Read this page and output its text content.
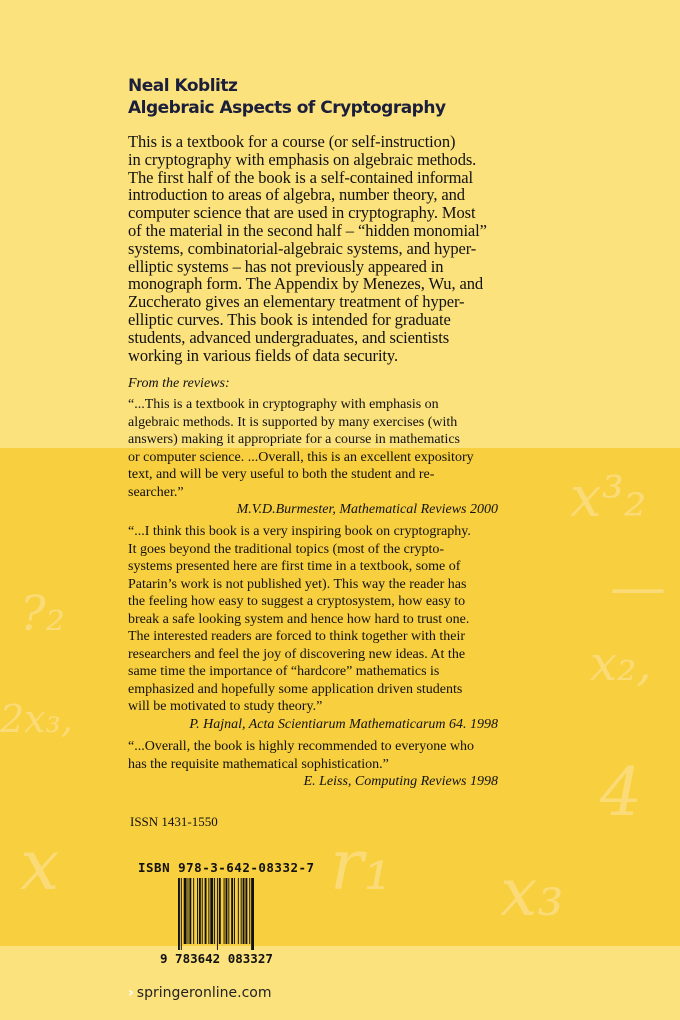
x³₂
—
x₂,
4
x₃
?₂
2x₃,
x	r₁
Neal Koblitz
Algebraic Aspects of Cryptography
This is a textbook for a course (or self-instruction)
in cryptography with emphasis on algebraic methods.
The first half of the book is a self-contained informal
introduction to areas of algebra, number theory, and
computer science that are used in cryptography. Most
of the material in the second half – “hidden monomial”
systems, combinatorial-algebraic systems, and hyper-
elliptic systems – has not previously appeared in
monograph form. The Appendix by Menezes, Wu, and
Zuccherato gives an elementary treatment of hyper-
elliptic curves. This book is intended for graduate
students, advanced undergraduates, and scientists
working in various fields of data security.
From the reviews:
“...This is a textbook in cryptography with emphasis on
algebraic methods. It is supported by many exercises (with
answers) making it appropriate for a course in mathematics
or computer science. ...Overall, this is an excellent expository
text, and will be very useful to both the student and re-
searcher.”
M.V.D.Burmester, Mathematical Reviews 2000
“...I think this book is a very inspiring book on cryptography.
It goes beyond the traditional topics (most of the crypto-
systems presented here are first time in a textbook, some of
Patarin’s work is not published yet). This way the reader has
the feeling how easy to suggest a cryptosystem, how easy to
break a safe looking system and hence how hard to trust one.
The interested readers are forced to think together with their
researchers and feel the joy of discovering new ideas. At the
same time the importance of “hardcore” mathematics is
emphasized and hopefully some application driven students
will be motivated to study theory.”
P. Hajnal, Acta Scientiarum Mathematicarum 64. 1998
“...Overall, the book is highly recommended to everyone who
has the requisite mathematical sophistication.”
E. Leiss, Computing Reviews 1998
ISSN 1431-1550
ISBN 978-3-642-08332-7
9 783642 083327
› springeronline.com
